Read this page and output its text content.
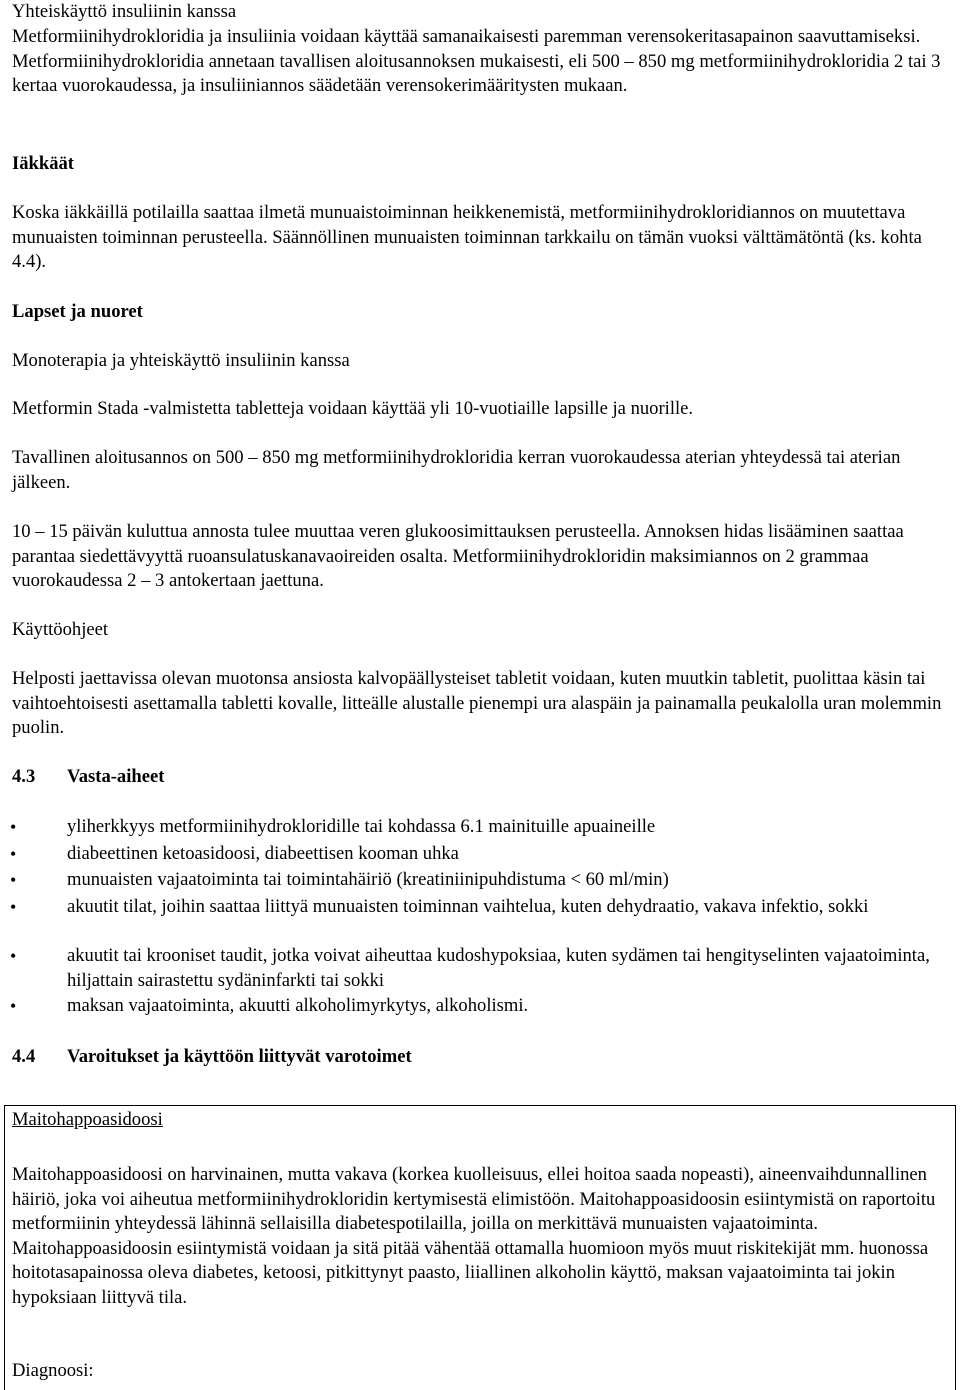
Yhteiskäyttö insuliinin kanssa

Metformiinihydrokloridia ja insuliinia voidaan käyttää samanaikaisesti paremman verensokeritasapainon saavuttamiseksi. Metformiinihydrokloridia annetaan tavallisen aloitusannoksen mukaisesti, eli 500 – 850 mg metformiinihydrokloridia 2 tai 3 kertaa vuorokaudessa, ja insuliiniannos säädetään verensokerimääritysten mukaan.

Iäkkäät

Koska iäkkäillä potilailla saattaa ilmetä munuaistoiminnan heikkenemistä, metformiinihydrokloridiannos on muutettava munuaisten toiminnan perusteella. Säännöllinen munuaisten toiminnan tarkkailu on tämän vuoksi välttämätöntä (ks. kohta 4.4).

Lapset ja nuoret
Monoterapia ja yhteiskäyttö insuliinin kanssa

Metformin Stada -valmistetta tabletteja voidaan käyttää yli 10-vuotiaille lapsille ja nuorille.

Tavallinen aloitusannos on 500 – 850 mg metformiinihydrokloridia kerran vuorokaudessa aterian yhteydessä tai aterian jälkeen.

10 – 15 päivän kuluttua annosta tulee muuttaa veren glukoosimittauksen perusteella. Annoksen hidas lisääminen saattaa parantaa siedettävyyttä ruoansulatuskanavaoireiden osalta. Metformiinihydrokloridin maksimiannos on 2 grammaa vuorokaudessa 2 – 3 antokertaan jaettuna.

Käyttöohjeet

Helposti jaettavissa olevan muotonsa ansiosta kalvopäällysteiset tabletit voidaan, kuten muutkin tabletit, puolittaa käsin tai vaihtoehtoisesti asettamalla tabletti kovalle, litteälle alustalle pienempi ura alaspäin ja painamalla peukalolla uran molemmin puolin.

4.3 Vasta-aiheet
•	yliherkkyys metformiinihydrokloridille tai kohdassa 6.1 mainituille apuaineille
•	diabeettinen ketoasidoosi, diabeettisen kooman uhka
•	munuaisten vajaatoiminta tai toimintahäiriö (kreatiniinipuhdistuma < 60 ml/min)
•	akuutit tilat, joihin saattaa liittyä munuaisten toiminnan vaihtelua, kuten dehydraatio, vakava infektio, sokki
•	akuutit tai krooniset taudit, jotka voivat aiheuttaa kudoshypoksiaa, kuten sydämen tai hengityselinten vajaatoiminta, hiljattain sairastettu sydäninfarkti tai sokki
•	maksan vajaatoiminta, akuutti alkoholimyrkytys, alkoholismi.
4.4 Varoitukset ja käyttöön liittyvät varotoimet
Maitohappoasidoosi

Maitohappoasidoosi on harvinainen, mutta vakava (korkea kuolleisuus, ellei hoitoa saada nopeasti), aineenvaihdunnallinen häiriö, joka voi aiheutua metformiinihydrokloridin kertymisestä elimistöön. Maitohappoasidoosin esiintymistä on raportoitu metformiinin yhteydessä lähinnä sellaisilla diabetespotilailla, joilla on merkittävä munuaisten vajaatoiminta. Maitohappoasidoosin esiintymistä voidaan ja sitä pitää vähentää ottamalla huomioon myös muut riskitekijät mm. huonossa hoitotasapainossa oleva diabetes, ketoosi, pitkittynyt paasto, liiallinen alkoholin käyttö, maksan vajaatoiminta tai jokin hypoksiaan liittyvä tila.

Diagnoosi:
